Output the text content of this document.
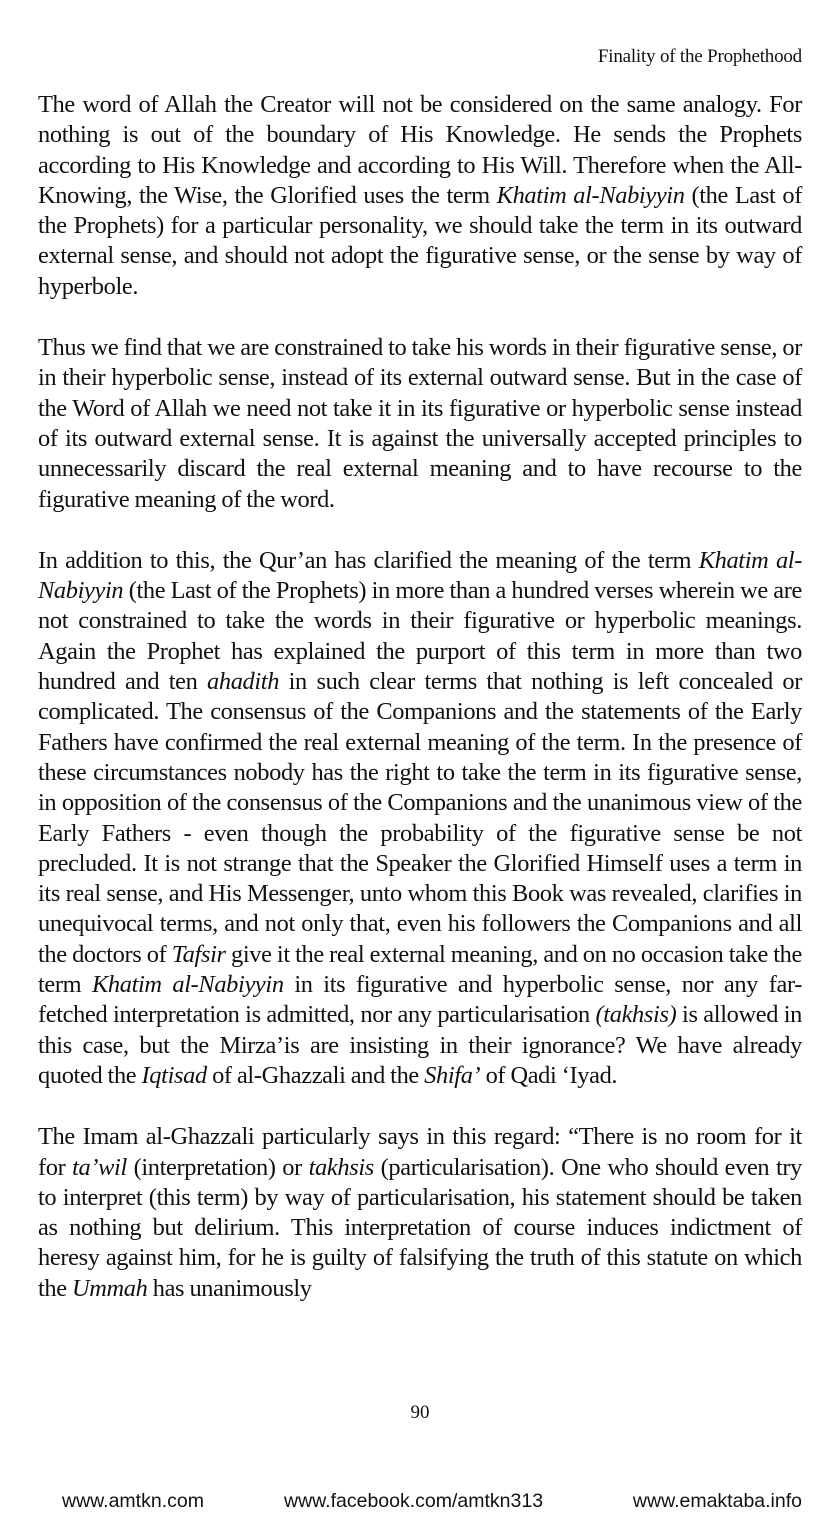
Finality of the Prophethood

The word of Allah the Creator will not be considered on the same analogy. For nothing is out of the boundary of His Knowledge. He sends the Prophets according to His Knowledge and according to His Will. Therefore when the All-Knowing, the Wise, the Glorified uses the term Khatim al-Nabiyyin (the Last of the Prophets) for a particular personality, we should take the term in its outward external sense, and should not adopt the figurative sense, or the sense by way of hyperbole.

Thus we find that we are constrained to take his words in their figurative sense, or in their hyperbolic sense, instead of its external outward sense. But in the case of the Word of Allah we need not take it in its figurative or hyperbolic sense instead of its outward external sense. It is against the universally accepted principles to unnecessarily discard the real external meaning and to have recourse to the figurative meaning of the word.

In addition to this, the Qur’an has clarified the meaning of the term Khatim al-Nabiyyin (the Last of the Prophets) in more than a hundred verses wherein we are not constrained to take the words in their figurative or hyperbolic meanings. Again the Prophet has explained the purport of this term in more than two hundred and ten ahadith in such clear terms that nothing is left concealed or complicated. The consensus of the Companions and the statements of the Early Fathers have confirmed the real external meaning of the term. In the presence of these circumstances nobody has the right to take the term in its figurative sense, in opposition of the consensus of the Companions and the unanimous view of the Early Fathers - even though the probability of the figurative sense be not precluded. It is not strange that the Speaker the Glorified Himself uses a term in its real sense, and His Messenger, unto whom this Book was revealed, clarifies in unequivocal terms, and not only that, even his followers the Companions and all the doctors of Tafsir give it the real external meaning, and on no occasion take the term Khatim al-Nabiyyin in its figurative and hyperbolic sense, nor any far-fetched interpretation is admitted, nor any particularisation (takhsis) is allowed in this case, but the Mirza’is are insisting in their ignorance? We have already quoted the Iqtisad of al-Ghazzali and the Shifa’ of Qadi ‘Iyad.

The Imam al-Ghazzali particularly says in this regard: “There is no room for it for ta’wil (interpretation) or takhsis (particularisation). One who should even try to interpret (this term) by way of particularisation, his statement should be taken as nothing but delirium. This interpretation of course induces indictment of heresy against him, for he is guilty of falsifying the truth of this statute on which the Ummah has unanimously

90
www.amtkn.com	www.facebook.com/amtkn313	www.emaktaba.info
